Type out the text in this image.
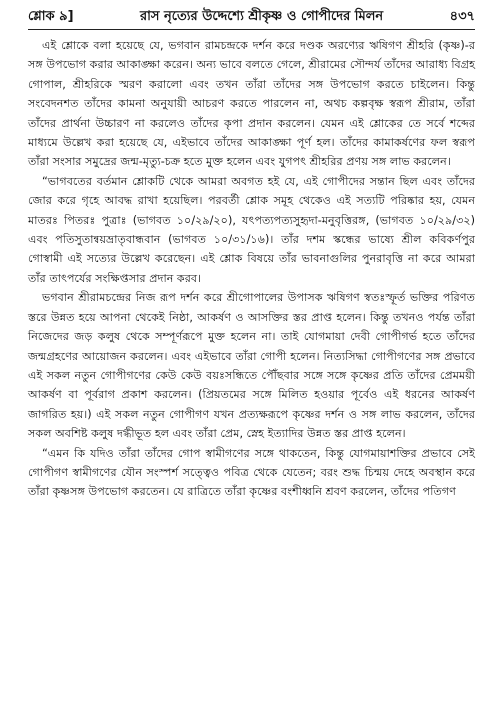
শ্লোক ৯]	রাস নৃত্যের উদ্দেশ্যে শ্রীকৃষ্ণ ও গোপীদের মিলন	৪৩৭

এই শ্লোকে বলা হয়েছে যে, ভগবান রামচন্দ্রকে দর্শন করে দণ্ডক অরণ্যের ঋষিগণ শ্রীহরি (কৃষ্ণ)-র সঙ্গ উপভোগ করার আকাঙ্ক্ষা করেন। অন্য ভাবে বলতে গেলে, শ্রীরামের সৌন্দর্য তাঁদের আরাধ্য বিগ্রহ গোপাল, শ্রীহরিকে স্মরণ করালো এবং তখন তাঁরা তাঁদের সঙ্গ উপভোগ করতে চাইলেন। কিন্তু সংবেদনশত তাঁদের কামনা অনুযায়ী আচরণ করতে পারলেন না, অথচ কল্পবৃক্ষ স্বরূপ শ্রীরাম, তাঁরা তাঁদের প্রার্থনা উচ্চারণ না করলেও তাঁদের কৃপা প্রদান করলেন। যেমন এই শ্লোকের তে সর্বে শব্দের মাধ্যমে উল্লেখ করা হয়েছে যে, এইভাবে তাঁদের আকাঙ্ক্ষা পূর্ণ হল। তাঁদের কামাকর্ষণের ফল স্বরূপ তাঁরা সংসার সমুদ্রের জন্ম-মৃত্যু-চক্র হতে মুক্ত হলেন এবং যুগপৎ শ্রীহরির প্রণয় সঙ্গ লাভ করলেন।

“ভাগবতের বর্তমান শ্লোকটি থেকে আমরা অবগত হই যে, এই গোপীদের সন্তান ছিল এবং তাঁদের জোর করে গৃহে আবদ্ধ রাখা হয়েছিল। পরবর্তী শ্লোক সমূহ থেকেও এই সত্যটি পরিষ্কার হয়, যেমন মাতরঃ পিতরঃ পুত্রাঃ (ভাগবত ১০/২৯/২০), যৎপত্যপত্যসুহৃদা-মনুবৃত্তিরঙ্গ, (ভাগবত ১০/২৯/৩২) এবং পতিসুতান্বয়ভ্রাতৃবান্ধবান (ভাগবত ১০/৩১/১৬)। তাঁর দশম স্কন্ধের ভাষ্যে শ্রীল কবিকর্ণপুর গোস্বামী এই সত্যের উল্লেখ করেছেন। এই শ্লোক বিষয়ে তাঁর ভাবনাগুলির পুনরাবৃত্তি না করে আমরা তাঁর তাৎপর্যের সংক্ষিপ্তসার প্রদান করব।

ভগবান শ্রীরামচন্দ্রের নিজ রূপ দর্শন করে শ্রীগোপালের উপাসক ঋষিগণ স্বতঃস্ফূর্ত ভক্তির পরিণত স্তরে উন্নত হয়ে আপনা থেকেই নিষ্ঠা, আকর্ষণ ও আসক্তির স্তর প্রাপ্ত হলেন। কিন্তু তখনও পর্যন্ত তাঁরা নিজেদের জড় কলুষ থেকে সম্পূর্ণরূপে মুক্ত হলেন না। তাই যোগমায়া দেবী গোপীগর্ভ হতে তাঁদের জন্মগ্রহণের আয়োজন করলেন। এবং এইভাবে তাঁরা গোপী হলেন। নিত্যসিদ্ধা গোপীগণের সঙ্গ প্রভাবে এই সকল নতুন গোপীগণের কেউ কেউ বয়ঃসন্ধিতে পৌঁছবার সঙ্গে সঙ্গে কৃষ্ণের প্রতি তাঁদের প্রেমময়ী আকর্ষণ বা পূর্বরাগ প্রকাশ করলেন। (প্রিয়তমের সঙ্গে মিলিত হওয়ার পূর্বেও এই ধরনের আকর্ষণ জাগরিত হয়।) এই সকল নতুন গোপীগণ যখন প্রত্যক্ষরূপে কৃষ্ণের দর্শন ও সঙ্গ লাভ করলেন, তাঁদের সকল অবশিষ্ট কলুষ দগ্ধীভূত হল এবং তাঁরা প্রেম, স্নেহ ইত্যাদির উন্নত স্তর প্রাপ্ত হলেন।

“এমন কি যদিও তাঁরা তাঁদের গোপ স্বামীগণের সঙ্গে থাকতেন, কিন্তু যোগমায়াশক্তির প্রভাবে সেই গোপীগণ স্বামীগণের যৌন সংস্পর্শ সত্ত্বেও পবিত্র থেকে যেতেন; বরং শুদ্ধ চিন্ময় দেহে অবস্থান করে তাঁরা কৃষ্ণসঙ্গ উপভোগ করতেন। যে রাত্রিতে তাঁরা কৃষ্ণের বংশীধ্বনি শ্রবণ করলেন, তাঁদের পতিগণ
